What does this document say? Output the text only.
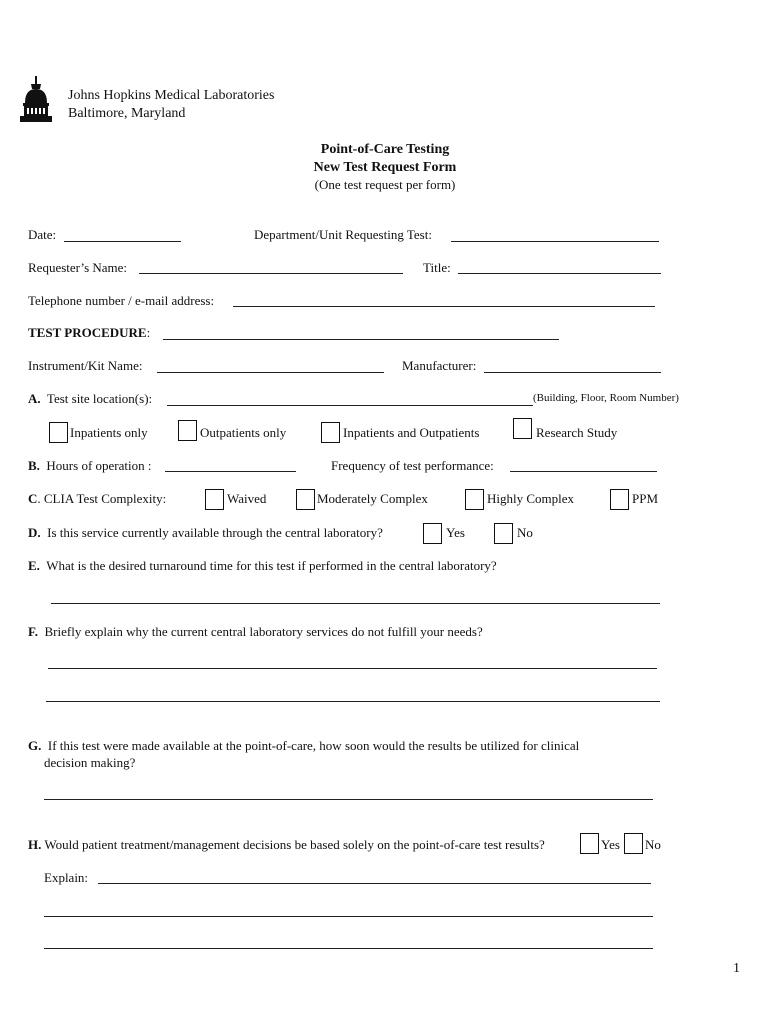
Johns Hopkins Medical Laboratories
Baltimore, Maryland
Point-of-Care Testing
New Test Request Form
(One test request per form)
Date:	Department/Unit Requesting Test:
Requester’s Name:	Title:
Telephone number / e-mail address:
TEST PROCEDURE:
Instrument/Kit Name:	Manufacturer:
A. Test site location(s):	(Building, Floor, Room Number)
Inpatients only	Outpatients only	Inpatients and Outpatients	Research Study
B. Hours of operation :	Frequency of test performance:
C. CLIA Test Complexity:	Waived	Moderately Complex	Highly Complex	PPM
D. Is this service currently available through the central laboratory?	Yes	No
E. What is the desired turnaround time for this test if performed in the central laboratory?
F. Briefly explain why the current central laboratory services do not fulfill your needs?
G. If this test were made available at the point-of-care, how soon would the results be utilized for clinical
decision making?
H. Would patient treatment/management decisions be based solely on the point-of-care test results?	Yes No
Explain:
1
